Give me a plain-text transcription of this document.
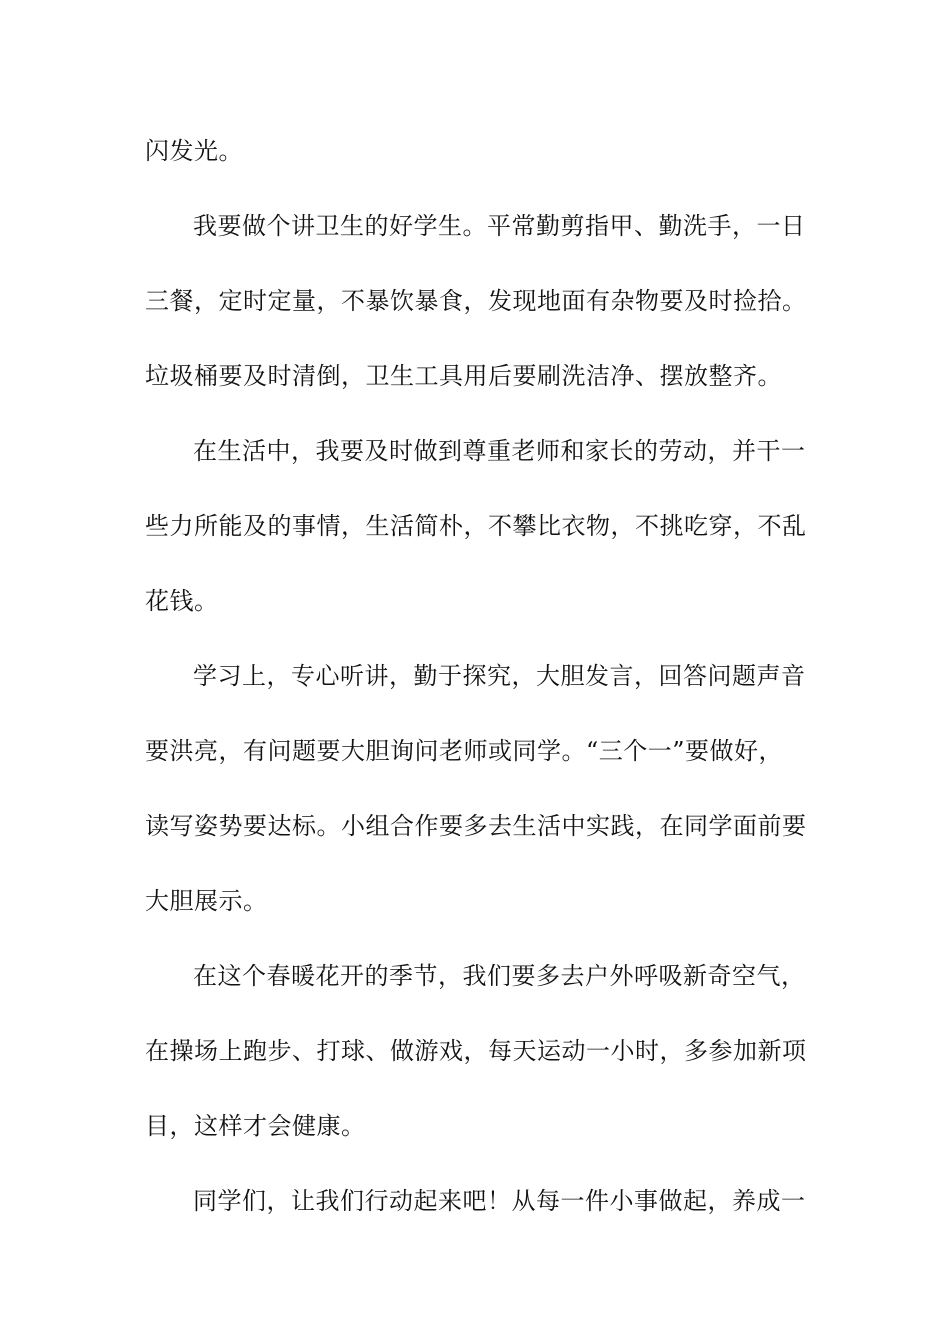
闪发光。
我要做个讲卫生的好学生。平常勤剪指甲、勤洗手，一日
三餐，定时定量，不暴饮暴食，发现地面有杂物要及时捡拾。
垃圾桶要及时清倒，卫生工具用后要刷洗洁净、摆放整齐。
在生活中，我要及时做到尊重老师和家长的劳动，并干一
些力所能及的事情，生活简朴，不攀比衣物，不挑吃穿，不乱
花钱。
学习上，专心听讲，勤于探究，大胆发言，回答问题声音
要洪亮，有问题要大胆询问老师或同学。“三个一”要做好，
读写姿势要达标。小组合作要多去生活中实践，在同学面前要
大胆展示。
在这个春暖花开的季节，我们要多去户外呼吸新奇空气，
在操场上跑步、打球、做游戏，每天运动一小时，多参加新项
目，这样才会健康。
同学们，让我们行动起来吧！从每一件小事做起，养成一
